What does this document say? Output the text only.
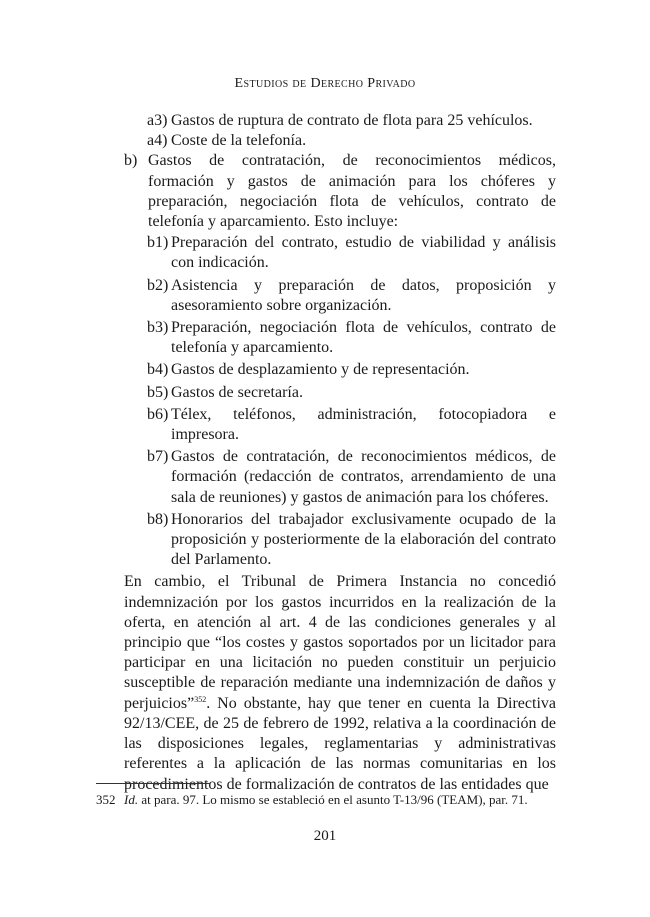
Estudios de Derecho Privado
a3) Gastos de ruptura de contrato de flota para 25 vehículos.
a4) Coste de la telefonía.
b) Gastos de contratación, de reconocimientos médicos, formación y gastos de animación para los chóferes y preparación, negociación flota de vehículos, contrato de telefonía y aparcamiento. Esto incluye:
b1) Preparación del contrato, estudio de viabilidad y análisis con indicación.
b2) Asistencia y preparación de datos, proposición y asesoramiento sobre organización.
b3) Preparación, negociación flota de vehículos, contrato de telefonía y aparcamiento.
b4) Gastos de desplazamiento y de representación.
b5) Gastos de secretaría.
b6) Télex, teléfonos, administración, fotocopiadora e impresora.
b7) Gastos de contratación, de reconocimientos médicos, de formación (redacción de contratos, arrendamiento de una sala de reuniones) y gastos de animación para los chóferes.
b8) Honorarios del trabajador exclusivamente ocupado de la proposición y posteriormente de la elaboración del contrato del Parlamento.

En cambio, el Tribunal de Primera Instancia no concedió indemnización por los gastos incurridos en la realización de la oferta, en atención al art. 4 de las condiciones generales y al principio que “los costes y gastos soportados por un licitador para participar en una licitación no pueden constituir un perjuicio susceptible de reparación mediante una indemnización de daños y perjuicios”$^{352}$. No obstante, hay que tener en cuenta la Directiva 92/13/CEE, de 25 de febrero de 1992, relativa a la coordinación de las disposiciones legales, reglamentarias y administrativas referentes a la aplicación de las normas comunitarias en los procedimientos de formalización de contratos de las entidades que

352 Id. at para. 97. Lo mismo se estableció en el asunto T-13/96 (TEAM), par. 71.
201
